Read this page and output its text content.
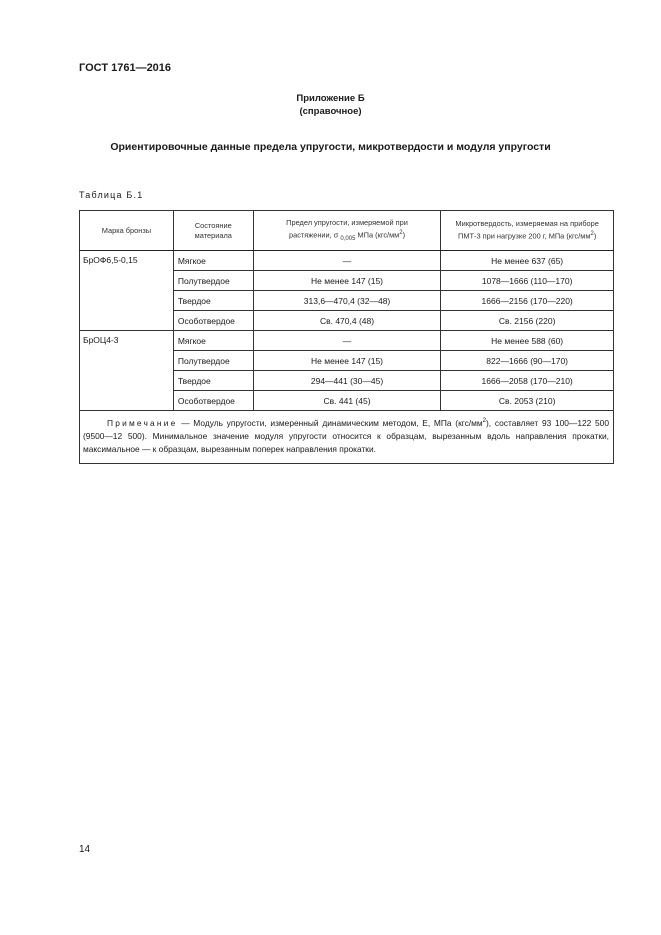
ГОСТ 1761—2016
Приложение Б
(справочное)
Ориентировочные данные предела упругости, микротвердости и модуля упругости
Таблица Б.1
Марка бронзы	Состояние материала	Предел упругости, измеряемой при растяжении, σ $_{0,005}$ МПа $(кгс/мм^2)$	Микротвердость, измеряемая на приборе ПМТ-3 при нагрузке 200 г, МПа $(кгс/мм^2)$
БрОФ6,5-0,15	Мягкое	—	Не менее 637 (65)
	Полутвердое	Не менее 147 (15)	1078—1666 (110—170)
	Твердое	313,6—470,4 (32—48)	1666—2156 (170—220)
	Особотвердое	Св. 470,4 (48)	Св. 2156 (220)
БрОЦ4-3	Мягкое	—	Не менее 588 (60)
	Полутвердое	Не менее 147 (15)	822—1666 (90—170)
	Твердое	294—441 (30—45)	1666—2058 (170—210)
	Особотвердое	Св. 441 (45)	Св. 2053 (210)
Примечание — Модуль упругости, измеренный динамическим методом, Е, МПа $(кгс/мм^2)$, составляет 93 100—122 500 (9500—12 500). Минимальное значение модуля упругости относится к образцам, вырезанным вдоль направления прокатки, максимальное — к образцам, вырезанным поперек направления прокатки.			
14
